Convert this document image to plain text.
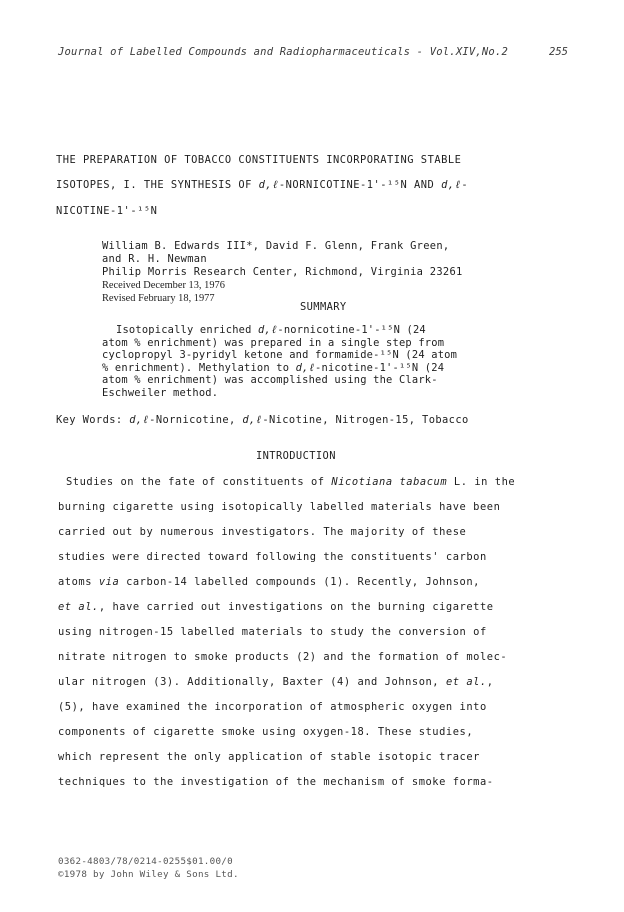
Journal of Labelled Compounds and Radiopharmaceuticals - Vol.XIV,No.2	255
THE PREPARATION OF TOBACCO CONSTITUENTS INCORPORATING STABLE
ISOTOPES, I. THE SYNTHESIS OF d,ℓ-NORNICOTINE-1'-¹⁵N AND d,ℓ-
NICOTINE-1'-¹⁵N
William B. Edwards III*, David F. Glenn, Frank Green,
and R. H. Newman
Philip Morris Research Center, Richmond, Virginia 23261
Received December 13, 1976
Revised February 18, 1977
SUMMARY
Isotopically enriched d,ℓ-nornicotine-1'-¹⁵N (24
atom % enrichment) was prepared in a single step from
cyclopropyl 3-pyridyl ketone and formamide-¹⁵N (24 atom
% enrichment). Methylation to d,ℓ-nicotine-1'-¹⁵N (24
atom % enrichment) was accomplished using the Clark-
Eschweiler method.
Key Words: d,ℓ-Nornicotine, d,ℓ-Nicotine, Nitrogen-15, Tobacco
INTRODUCTION
Studies on the fate of constituents of Nicotiana tabacum L. in the
burning cigarette using isotopically labelled materials have been
carried out by numerous investigators. The majority of these
studies were directed toward following the constituents' carbon
atoms via carbon-14 labelled compounds (1). Recently, Johnson,
et al., have carried out investigations on the burning cigarette
using nitrogen-15 labelled materials to study the conversion of
nitrate nitrogen to smoke products (2) and the formation of molec-
ular nitrogen (3). Additionally, Baxter (4) and Johnson, et al.,
(5), have examined the incorporation of atmospheric oxygen into
components of cigarette smoke using oxygen-18. These studies,
which represent the only application of stable isotopic tracer
techniques to the investigation of the mechanism of smoke forma-
0362-4803/78/0214-0255$01.00/0
©1978 by John Wiley & Sons Ltd.
